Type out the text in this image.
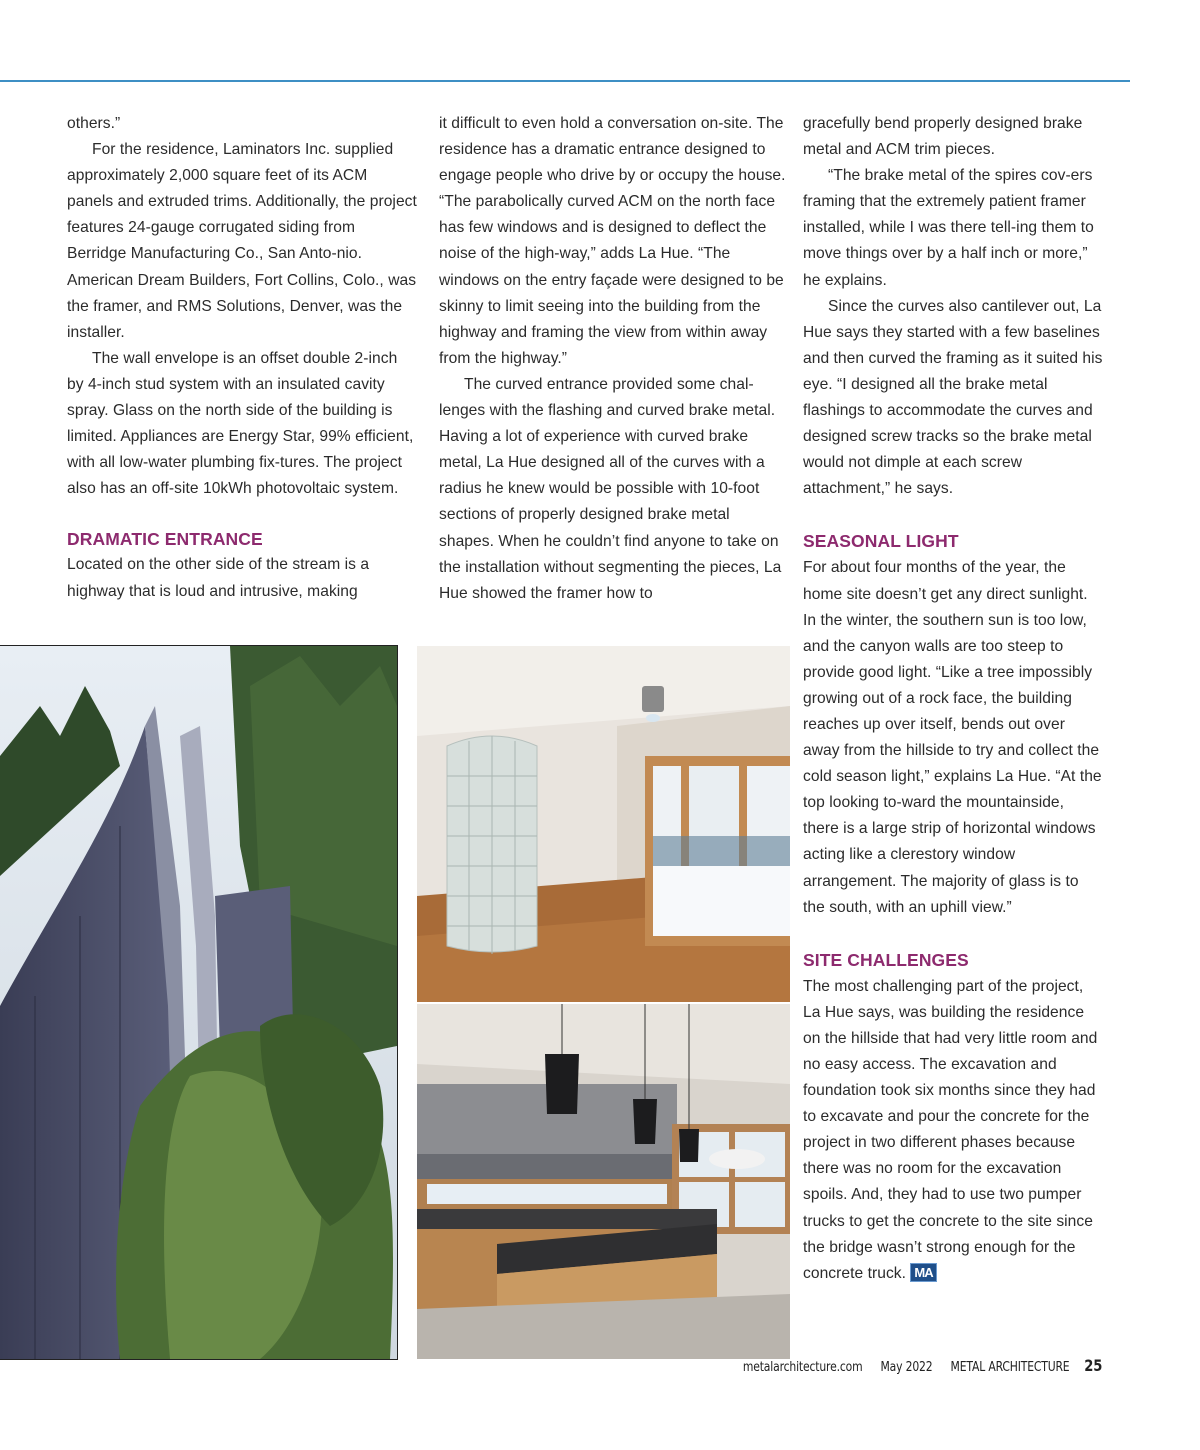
others.”

For the residence, Laminators Inc. supplied approximately 2,000 square feet of its ACM panels and extruded trims. Additionally, the project features 24-gauge corrugated siding from Berridge Manufacturing Co., San Anto-nio. American Dream Builders, Fort Collins, Colo., was the framer, and RMS Solutions, Denver, was the installer.

The wall envelope is an offset double 2-inch by 4-inch stud system with an insulated cavity spray. Glass on the north side of the building is limited. Appliances are Energy Star, 99% efficient, with all low-water plumbing fix-tures. The project also has an off-site 10kWh photovoltaic system.

DRAMATIC ENTRANCE

Located on the other side of the stream is a highway that is loud and intrusive, making

it difficult to even hold a conversation on-site. The residence has a dramatic entrance designed to engage people who drive by or occupy the house. “The parabolically curved ACM on the north face has few windows and is designed to deflect the noise of the high-way,” adds La Hue. “The windows on the entry façade were designed to be skinny to limit seeing into the building from the highway and framing the view from within away from the highway.”

The curved entrance provided some chal-lenges with the flashing and curved brake metal. Having a lot of experience with curved brake metal, La Hue designed all of the curves with a radius he knew would be possible with 10-foot sections of properly designed brake metal shapes. When he couldn’t find anyone to take on the installation without segmenting the pieces, La Hue showed the framer how to

gracefully bend properly designed brake metal and ACM trim pieces.

“The brake metal of the spires cov-ers framing that the extremely patient framer installed, while I was there tell-ing them to move things over by a half inch or more,” he explains.

Since the curves also cantilever out, La Hue says they started with a few baselines and then curved the framing as it suited his eye. “I designed all the brake metal flashings to accommodate the curves and designed screw tracks so the brake metal would not dimple at each screw attachment,” he says.

SEASONAL LIGHT

For about four months of the year, the home site doesn’t get any direct sunlight. In the winter, the southern sun is too low, and the canyon walls are too steep to provide good light. “Like a tree impossibly growing out of a rock face, the building reaches up over itself, bends out over away from the hillside to try and collect the cold season light,” explains La Hue. “At the top looking to-ward the mountainside, there is a large strip of horizontal windows acting like a clerestory window arrangement. The majority of glass is to the south, with an uphill view.”

SITE CHALLENGES

The most challenging part of the project, La Hue says, was building the residence on the hillside that had very little room and no easy access. The excavation and foundation took six months since they had to excavate and pour the concrete for the project in two different phases because there was no room for the excavation spoils. And, they had to use two pumper trucks to get the concrete to the site since the bridge wasn’t strong enough for the concrete truck. MA

metalarchitecture.com May 2022 METAL ARCHITECTURE 25
